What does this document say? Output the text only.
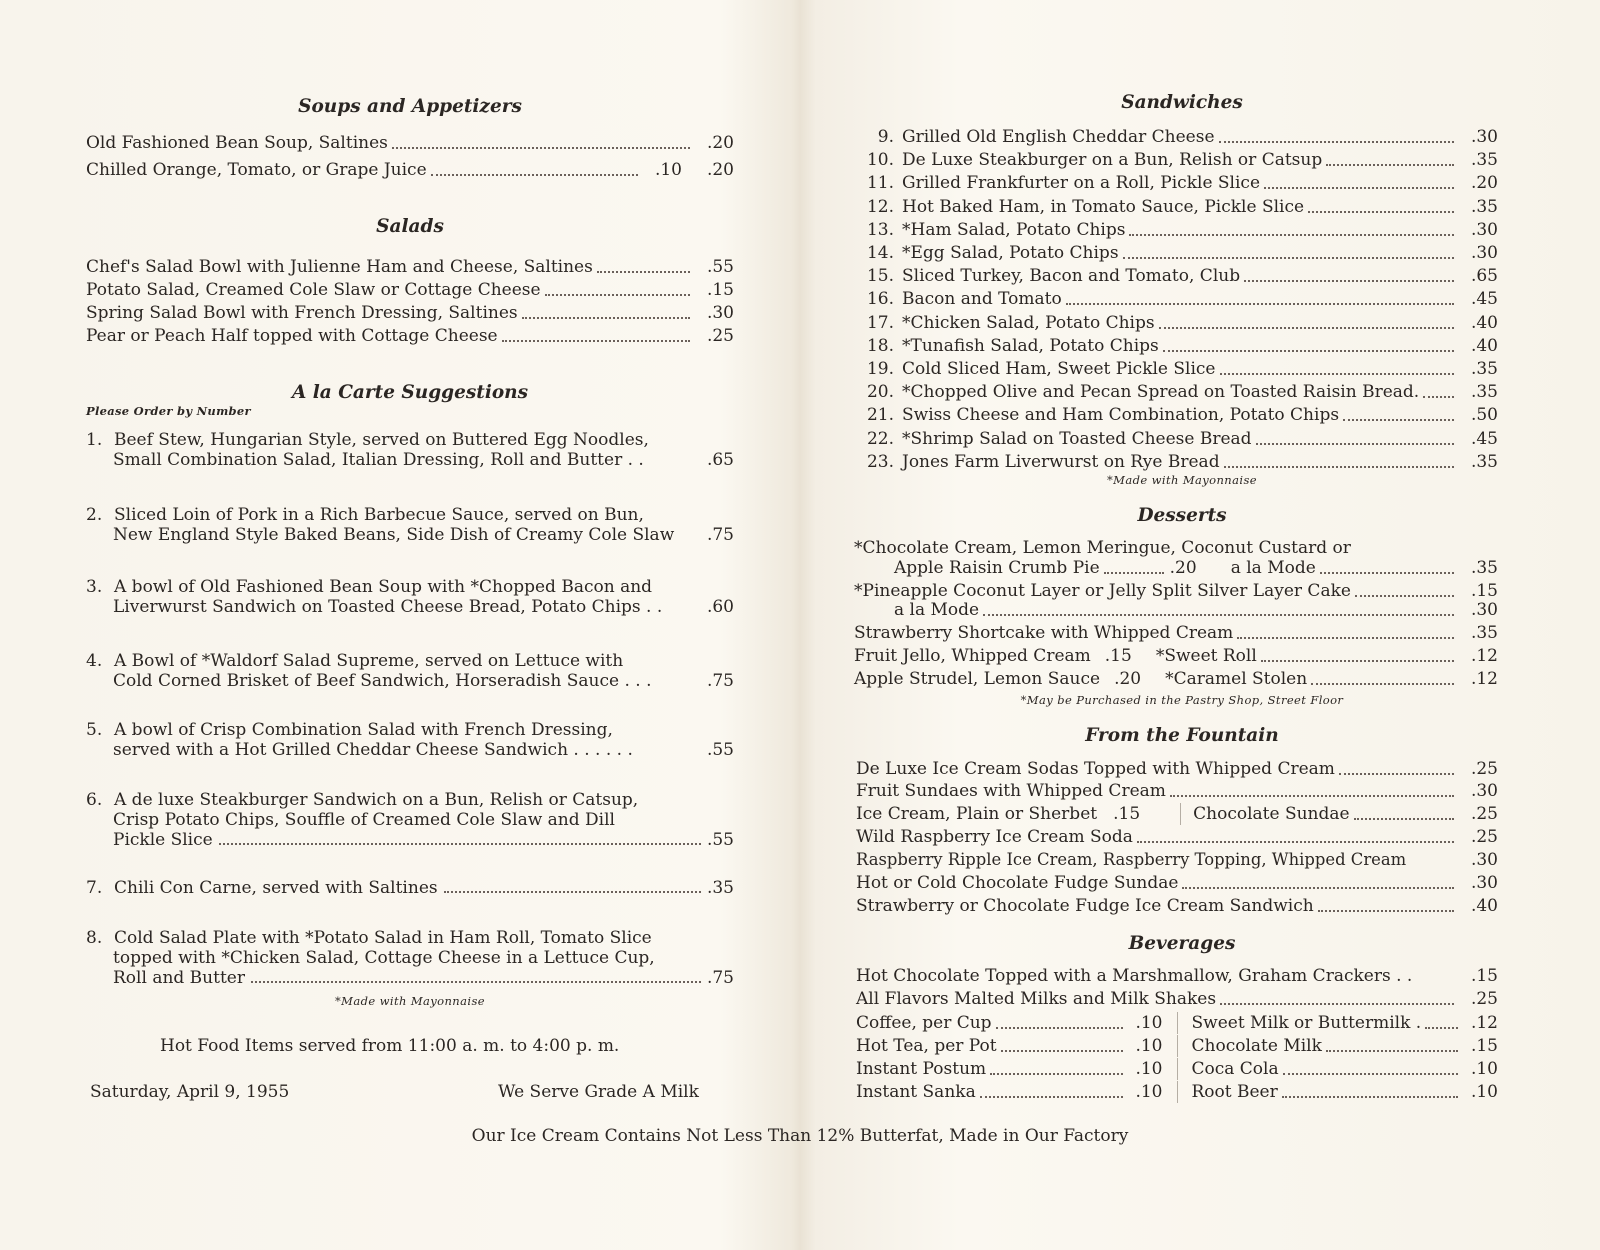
Soups and Appetizers
Old Fashioned Bean Soup, Saltines	.20
Chilled Orange, Tomato, or Grape Juice	.10	.20
Salads
Chef's Salad Bowl with Julienne Ham and Cheese, Saltines	.55
Potato Salad, Creamed Cole Slaw or Cottage Cheese	.15
Spring Salad Bowl with French Dressing, Saltines	.30
Pear or Peach Half topped with Cottage Cheese	.25
A la Carte Suggestions
Please Order by Number
1. Beef Stew, Hungarian Style, served on Buttered Egg Noodles,
Small Combination Salad, Italian Dressing, Roll and Butter . .	.65
2. Sliced Loin of Pork in a Rich Barbecue Sauce, served on Bun,
New England Style Baked Beans, Side Dish of Creamy Cole Slaw .75
3. A bowl of Old Fashioned Bean Soup with *Chopped Bacon and
Liverwurst Sandwich on Toasted Cheese Bread, Potato Chips . .	.60
4. A Bowl of *Waldorf Salad Supreme, served on Lettuce with
Cold Corned Brisket of Beef Sandwich, Horseradish Sauce . . .	.75
5. A bowl of Crisp Combination Salad with French Dressing,
served with a Hot Grilled Cheddar Cheese Sandwich . . . . . .	.55
6. A de luxe Steakburger Sandwich on a Bun, Relish or Catsup,
Crisp Potato Chips, Souffle of Creamed Cole Slaw and Dill
Pickle Slice	.55
7. Chili Con Carne, served with Saltines	.35
8. Cold Salad Plate with *Potato Salad in Ham Roll, Tomato Slice
topped with *Chicken Salad, Cottage Cheese in a Lettuce Cup,
Roll and Butter	.75
*Made with Mayonnaise
Hot Food Items served from 11:00 a. m. to 4:00 p. m.
Saturday, April 9, 1955	We Serve Grade A Milk
Sandwiches
9. Grilled Old English Cheddar Cheese	.30
10. De Luxe Steakburger on a Bun, Relish or Catsup	.35
11. Grilled Frankfurter on a Roll, Pickle Slice	.20
12. Hot Baked Ham, in Tomato Sauce, Pickle Slice	.35
13. *Ham Salad, Potato Chips	.30
14. *Egg Salad, Potato Chips	.30
15. Sliced Turkey, Bacon and Tomato, Club	.65
16. Bacon and Tomato	.45
17. *Chicken Salad, Potato Chips	.40
18. *Tunafish Salad, Potato Chips	.40
19. Cold Sliced Ham, Sweet Pickle Slice	.35
20. *Chopped Olive and Pecan Spread on Toasted Raisin Bread.	.35
21. Swiss Cheese and Ham Combination, Potato Chips	.50
22. *Shrimp Salad on Toasted Cheese Bread	.45
23. Jones Farm Liverwurst on Rye Bread	.35
*Made with Mayonnaise
Desserts
*Chocolate Cream, Lemon Meringue, Coconut Custard or
Apple Raisin Crumb Pie	.20 a la Mode	.35
*Pineapple Coconut Layer or Jelly Split Silver Layer Cake	.15
a la Mode	.30
Strawberry Shortcake with Whipped Cream	.35
Fruit Jello, Whipped Cream .15 *Sweet Roll	.12
Apple Strudel, Lemon Sauce .20 *Caramel Stolen	.12
*May be Purchased in the Pastry Shop, Street Floor
From the Fountain
De Luxe Ice Cream Sodas Topped with Whipped Cream	.25
Fruit Sundaes with Whipped Cream	.30
Ice Cream, Plain or Sherbet .15	Chocolate Sundae	.25
Wild Raspberry Ice Cream Soda	.25
Raspberry Ripple Ice Cream, Raspberry Topping, Whipped Cream	.30
Hot or Cold Chocolate Fudge Sundae	.30
Strawberry or Chocolate Fudge Ice Cream Sandwich	.40
Beverages
Hot Chocolate Topped with a Marshmallow, Graham Crackers . .	.15
All Flavors Malted Milks and Milk Shakes	.25
Coffee, per Cup	.10 Sweet Milk or Buttermilk .	.12
Hot Tea, per Pot	.10 Chocolate Milk	.15
Instant Postum	.10 Coca Cola	.10
Instant Sanka	.10 Root Beer	.10
Our Ice Cream Contains Not Less Than 12% Butterfat, Made in Our Factory
